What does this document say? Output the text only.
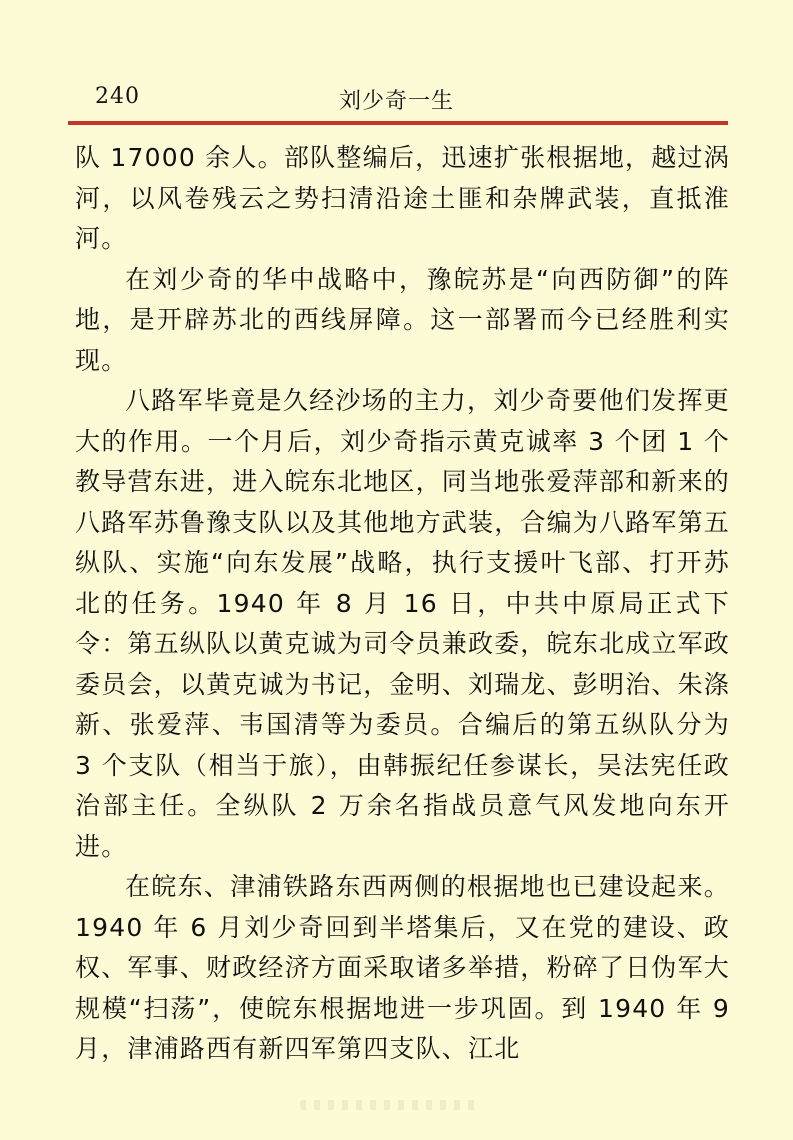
240	刘少奇一生

队 17000 余人。部队整编后，迅速扩张根据地，越过涡河，以风卷残云之势扫清沿途土匪和杂牌武装，直抵淮河。

在刘少奇的华中战略中，豫皖苏是“向西防御”的阵地，是开辟苏北的西线屏障。这一部署而今已经胜利实现。

八路军毕竟是久经沙场的主力，刘少奇要他们发挥更大的作用。一个月后，刘少奇指示黄克诚率 3 个团 1 个教导营东进，进入皖东北地区，同当地张爱萍部和新来的八路军苏鲁豫支队以及其他地方武装，合编为八路军第五纵队、实施“向东发展”战略，执行支援叶飞部、打开苏北的任务。1940 年 8 月 16 日，中共中原局正式下令：第五纵队以黄克诚为司令员兼政委，皖东北成立军政委员会，以黄克诚为书记，金明、刘瑞龙、彭明治、朱涤新、张爱萍、韦国清等为委员。合编后的第五纵队分为 3 个支队（相当于旅），由韩振纪任参谋长，吴法宪任政治部主任。全纵队 2 万余名指战员意气风发地向东开进。

在皖东、津浦铁路东西两侧的根据地也已建设起来。1940 年 6 月刘少奇回到半塔集后，又在党的建设、政权、军事、财政经济方面采取诸多举措，粉碎了日伪军大规模“扫荡”，使皖东根据地进一步巩固。到 1940 年 9 月，津浦路西有新四军第四支队、江北
